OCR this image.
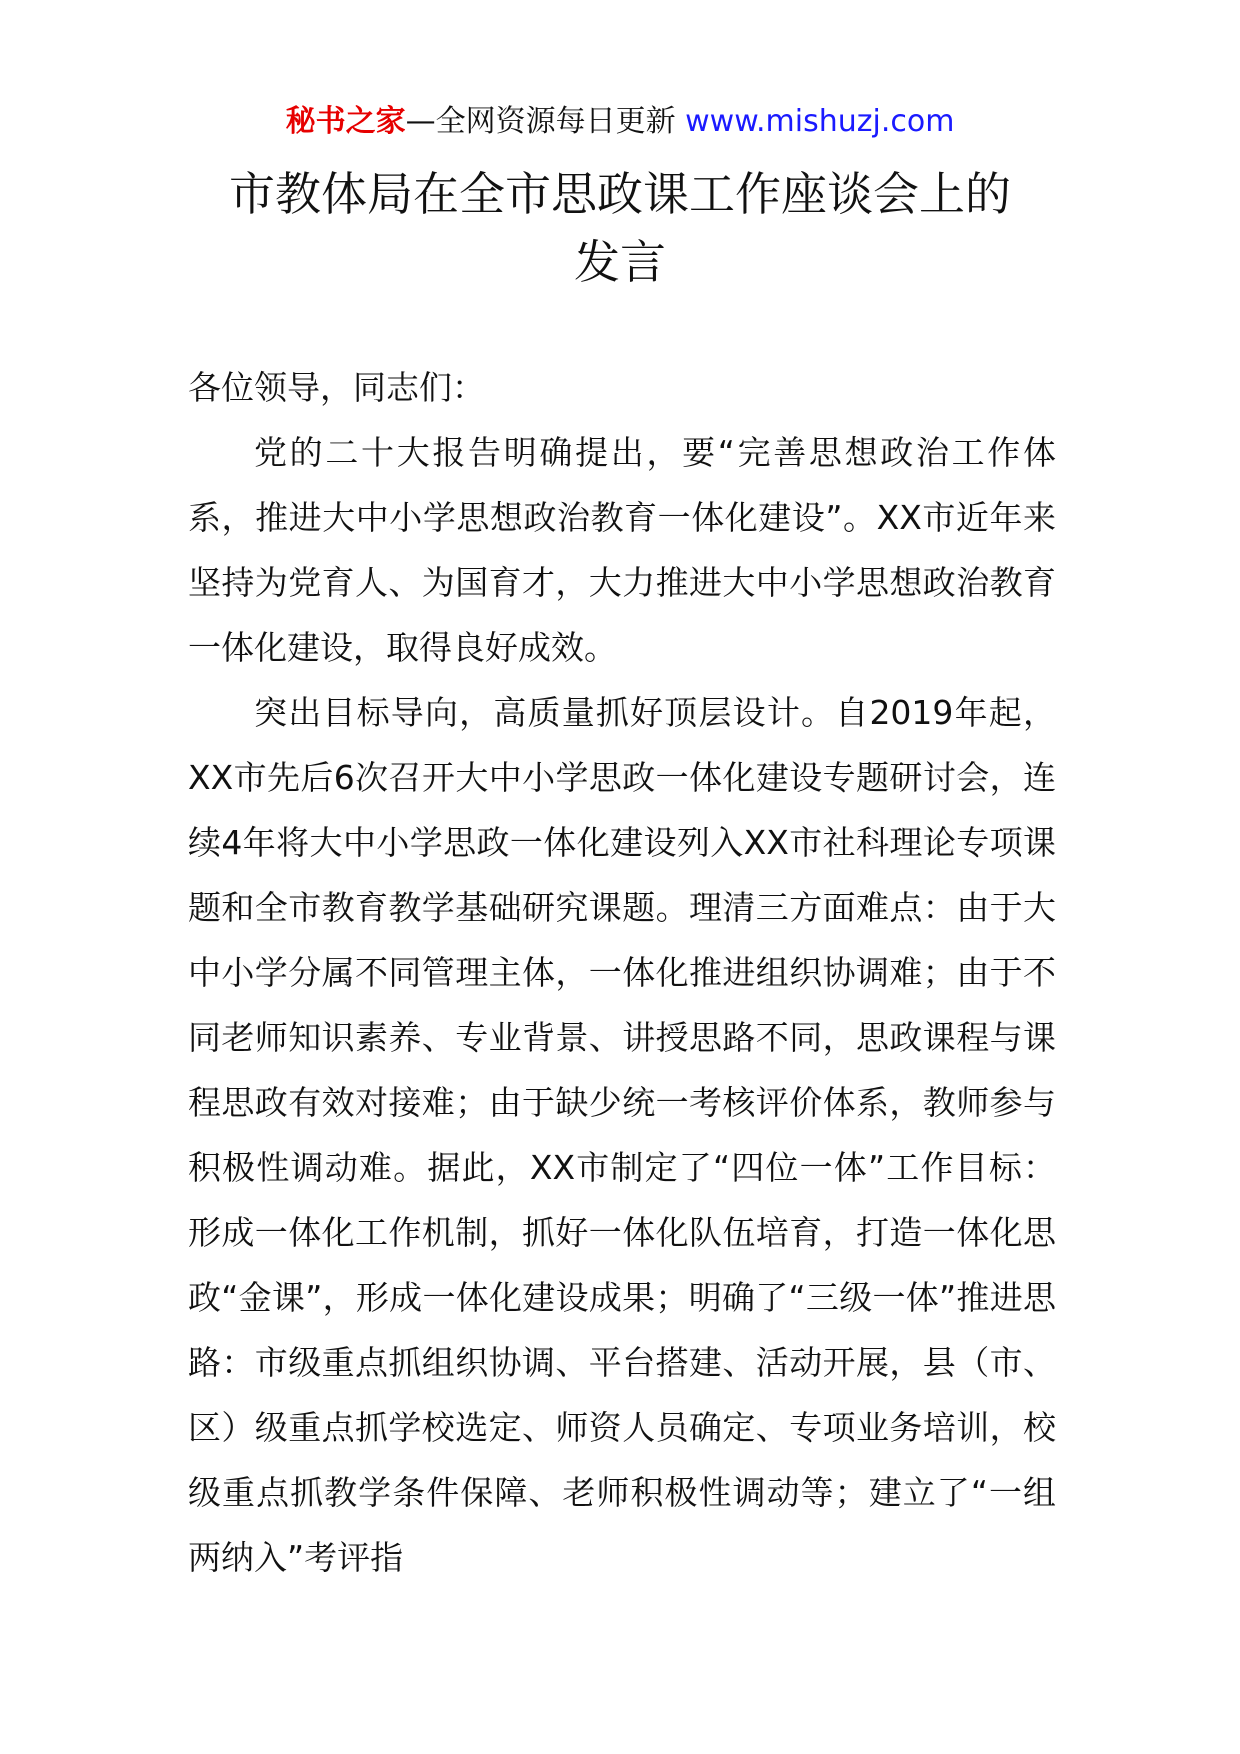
秘书之家—全网资源每日更新 www.mishuzj.com
市教体局在全市思政课工作座谈会上的
发言

各位领导，同志们：

党的二十大报告明确提出，要“完善思想政治工作体系，推进大中小学思想政治教育一体化建设”。XX市近年来坚持为党育人、为国育才，大力推进大中小学思想政治教育一体化建设，取得良好成效。

突出目标导向，高质量抓好顶层设计。自2019年起，XX市先后6次召开大中小学思政一体化建设专题研讨会，连续4年将大中小学思政一体化建设列入XX市社科理论专项课题和全市教育教学基础研究课题。理清三方面难点：由于大中小学分属不同管理主体，一体化推进组织协调难；由于不同老师知识素养、专业背景、讲授思路不同，思政课程与课程思政有效对接难；由于缺少统一考核评价体系，教师参与积极性调动难。据此，XX市制定了“四位一体”工作目标：形成一体化工作机制，抓好一体化队伍培育，打造一体化思政“金课”，形成一体化建设成果；明确了“三级一体”推进思路：市级重点抓组织协调、平台搭建、活动开展，县（市、区）级重点抓学校选定、师资人员确定、专项业务培训，校级重点抓教学条件保障、老师积极性调动等；建立了“一组两纳入”考评指
